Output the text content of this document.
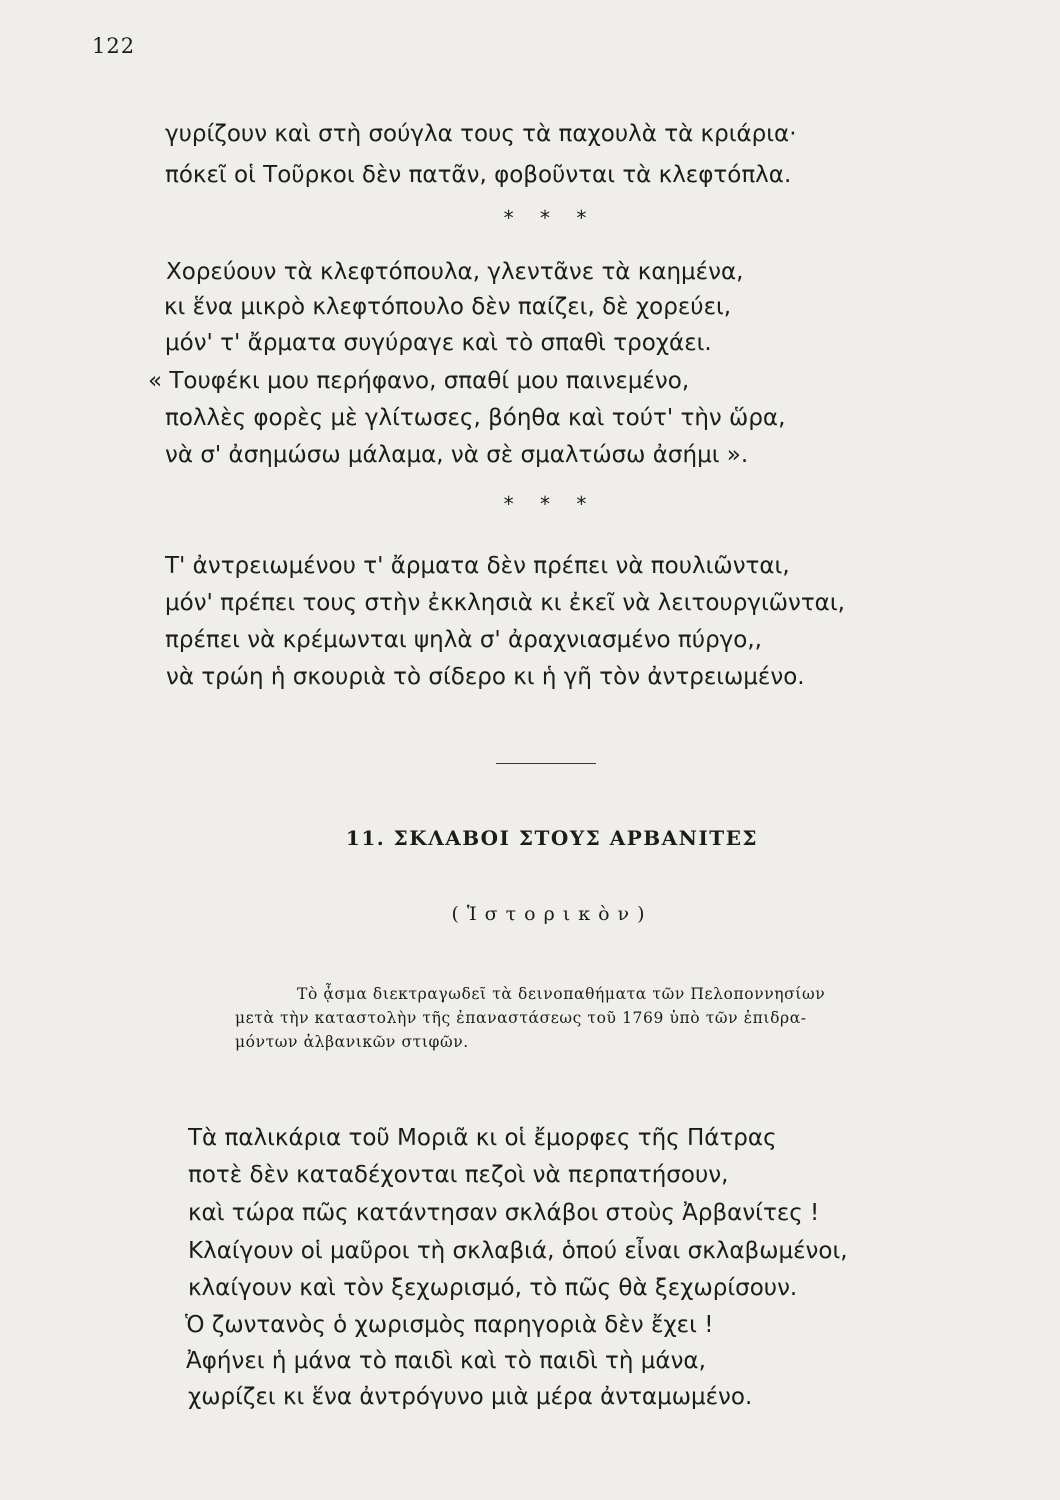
122
γυρίζουν καὶ στὴ σούγλα τους τὰ παχουλὰ τὰ κριάρια·
πόκεῖ οἱ Τοῦρκοι δὲν πατᾶν, φοβοῦνται τὰ κλεφτόπλα.
* * *
Χορεύουν τὰ κλεφτόπουλα, γλεντᾶνε τὰ καημένα,
κι ἕνα μικρὸ κλεφτόπουλο δὲν παίζει, δὲ χορεύει,
μόν' τ' ἄρματα συγύραγε καὶ τὸ σπαθὶ τροχάει.
« Τουφέκι μου περήφανο, σπαθί μου παινεμένο,
πολλὲς φορὲς μὲ γλίτωσες, βόηθα καὶ τούτ' τὴν ὥρα,
νὰ σ' ἀσημώσω μάλαμα, νὰ σὲ σμαλτώσω ἀσήμι ».
* * *
Τ' ἀντρειωμένου τ' ἄρματα δὲν πρέπει νὰ πουλιῶνται,
μόν' πρέπει τους στὴν ἐκκλησιὰ κι ἐκεῖ νὰ λειτουργιῶνται,
πρέπει νὰ κρέμωνται ψηλὰ σ' ἀραχνιασμένο πύργο,,
νὰ τρώη ἡ σκουριὰ τὸ σίδερο κι ἡ γῆ τὸν ἀντρειωμένο.
11. ΣΚΛΑΒΟΙ ΣΤΟΥΣ ΑΡΒΑΝΙΤΕΣ
(Ἱστορικὸν)
Τὸ ᾆσμα διεκτραγωδεῖ τὰ δεινοπαθήματα τῶν Πελοποννησίων
μετὰ τὴν καταστολὴν τῆς ἐπαναστάσεως τοῦ 1769 ὑπὸ τῶν ἐπιδρα-
μόντων ἀλβανικῶν στιφῶν.
Τὰ παλικάρια τοῦ Μοριᾶ κι οἱ ἔμορφες τῆς Πάτρας
ποτὲ δὲν καταδέχονται πεζοὶ νὰ περπατήσουν,
καὶ τώρα πῶς κατάντησαν σκλάβοι στοὺς Ἀρβανίτες !
Κλαίγουν οἱ μαῦροι τὴ σκλαβιά, ὁπού εἶναι σκλαβωμένοι,
κλαίγουν καὶ τὸν ξεχωρισμό, τὸ πῶς θὰ ξεχωρίσουν.
Ὁ ζωντανὸς ὁ χωρισμὸς παρηγοριὰ δὲν ἔχει !
Ἀφήνει ἡ μάνα τὸ παιδὶ καὶ τὸ παιδὶ τὴ μάνα,
χωρίζει κι ἕνα ἀντρόγυνο μιὰ μέρα ἀνταμωμένο.
